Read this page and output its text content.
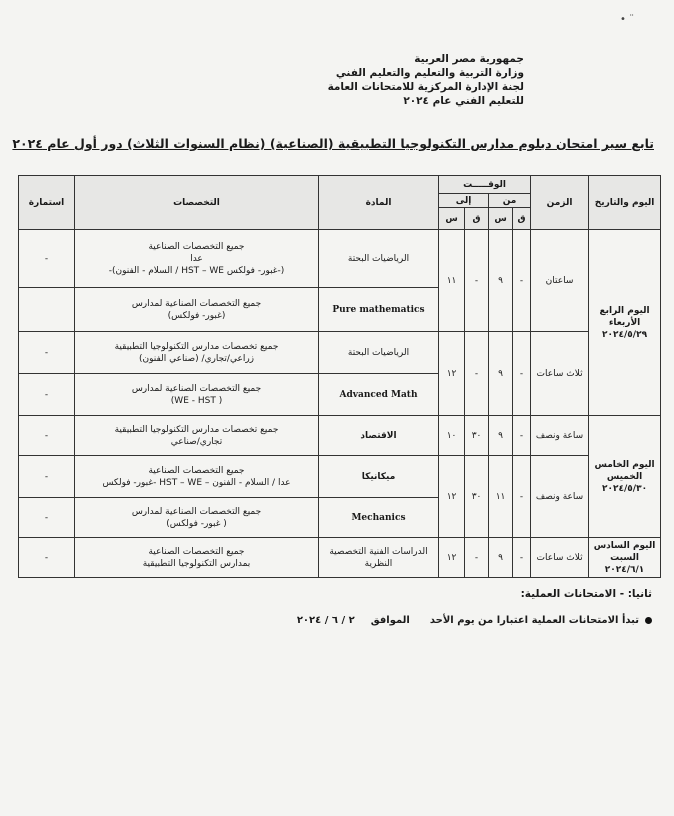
• ¨
جمهورية مصر العربية
وزارة التربية والتعليم والتعليم الفني
لجنة الإدارة المركزية للامتحانات العامة
للتعليم الفني عام ٢٠٢٤
تابع سير امتحان دبلوم مدارس التكنولوجيا التطبيقية (الصناعية) (نظام السنوات الثلاث) دور أول عام ٢٠٢٤
اليوم والتاريخ	الزمن	الوقـــــت				المادة	التخصصات	استمارة
		من		إلى				
		ق	س	ق	س			
اليوم الرابع الأربعاء ٢٠٢٤/٥/٢٩	ساعتان	-	٩	-	١١	الرياضيات البحتة	جميع التخصصات الصناعية
عدا
(-غبور- فولكس HST – WE / السلام - الفنون)-	-
						Pure mathematics	جميع التخصصات الصناعية لمدارس
(غبور- فولكس)	

	ثلاث ساعات	-	٩	-	١٢	الرياضيات البحتة	جميع تخصصات مدارس التكنولوجيا التطبيقية
زراعي/تجاري/ (صناعي الفنون)	-
						Advanced Math	جميع التخصصات الصناعية لمدارس
( WE - HST)	-
اليوم الخامس الخميس ٢٠٢٤/٥/٣٠	ساعة ونصف	-	٩	٣٠	١٠	الاقتصاد	جميع تخصصات مدارس التكنولوجيا التطبيقية
تجاري/صناعي	-
	ساعة ونصف	-	١١	٣٠	١٢	ميكانيكا	جميع التخصصات الصناعية
عدا / السلام - الفنون – HST – WE -غبور- فولكس	-
						Mechanics	جميع التخصصات الصناعية لمدارس
( غبور- فولكس)	-
اليوم السادس السبت ٢٠٢٤/٦/١	ثلاث ساعات	-	٩	-	١٢	الدراسات الفنية التخصصية النظرية	جميع التخصصات الصناعية
بمدارس التكنولوجيا التطبيقية	-
ثانيا: - الامتحانات العملية:
تبدأ الامتحانات العملية اعتبارا من يوم الأحد
الموافق
٢ / ٦ / ٢٠٢٤
